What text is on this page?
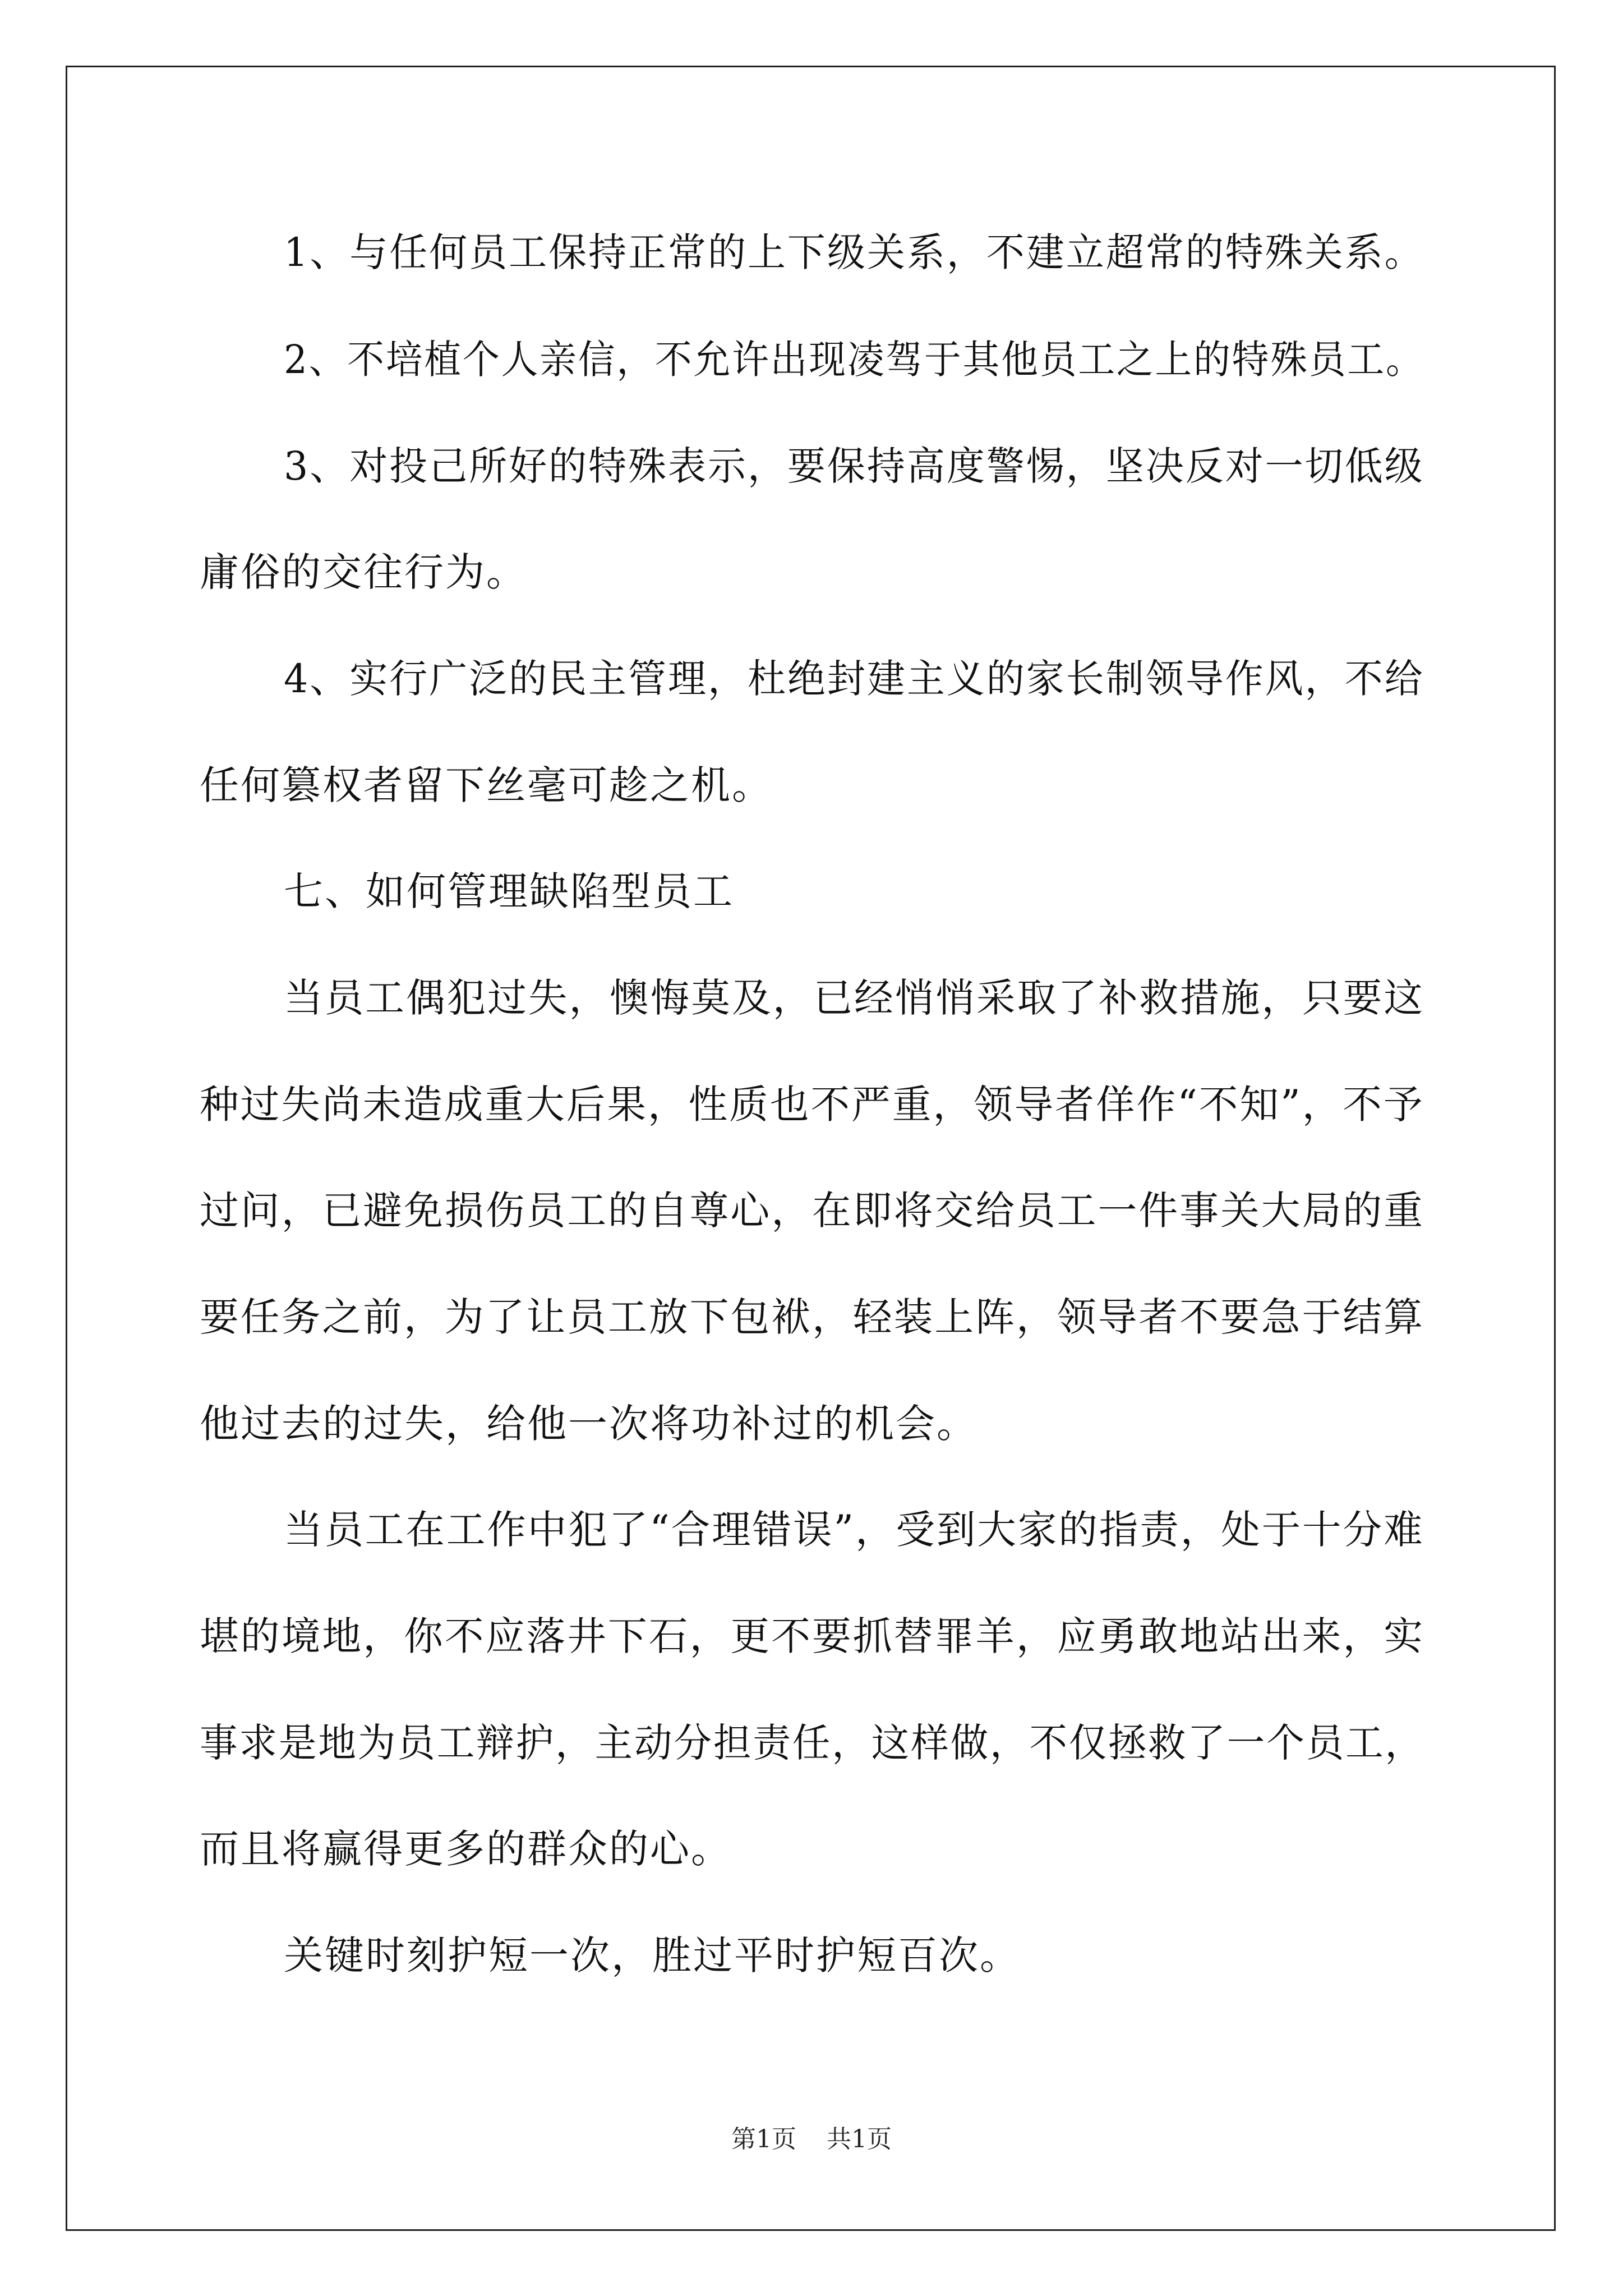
1、与任何员工保持正常的上下级关系，不建立超常的特殊关系。
2、不培植个人亲信，不允许出现凌驾于其他员工之上的特殊员工。
3、对投己所好的特殊表示，要保持高度警惕，坚决反对一切低级
庸俗的交往行为。
4、实行广泛的民主管理，杜绝封建主义的家长制领导作风，不给
任何篡权者留下丝毫可趁之机。
七、如何管理缺陷型员工
当员工偶犯过失，懊悔莫及，已经悄悄采取了补救措施，只要这
种过失尚未造成重大后果，性质也不严重，领导者佯作“不知”，不予
过问，已避免损伤员工的自尊心，在即将交给员工一件事关大局的重
要任务之前，为了让员工放下包袱，轻装上阵，领导者不要急于结算
他过去的过失，给他一次将功补过的机会。
当员工在工作中犯了“合理错误”，受到大家的指责，处于十分难
堪的境地，你不应落井下石，更不要抓替罪羊，应勇敢地站出来，实
事求是地为员工辩护，主动分担责任，这样做，不仅拯救了一个员工，
而且将赢得更多的群众的心。
关键时刻护短一次，胜过平时护短百次。
第1页 共1页
